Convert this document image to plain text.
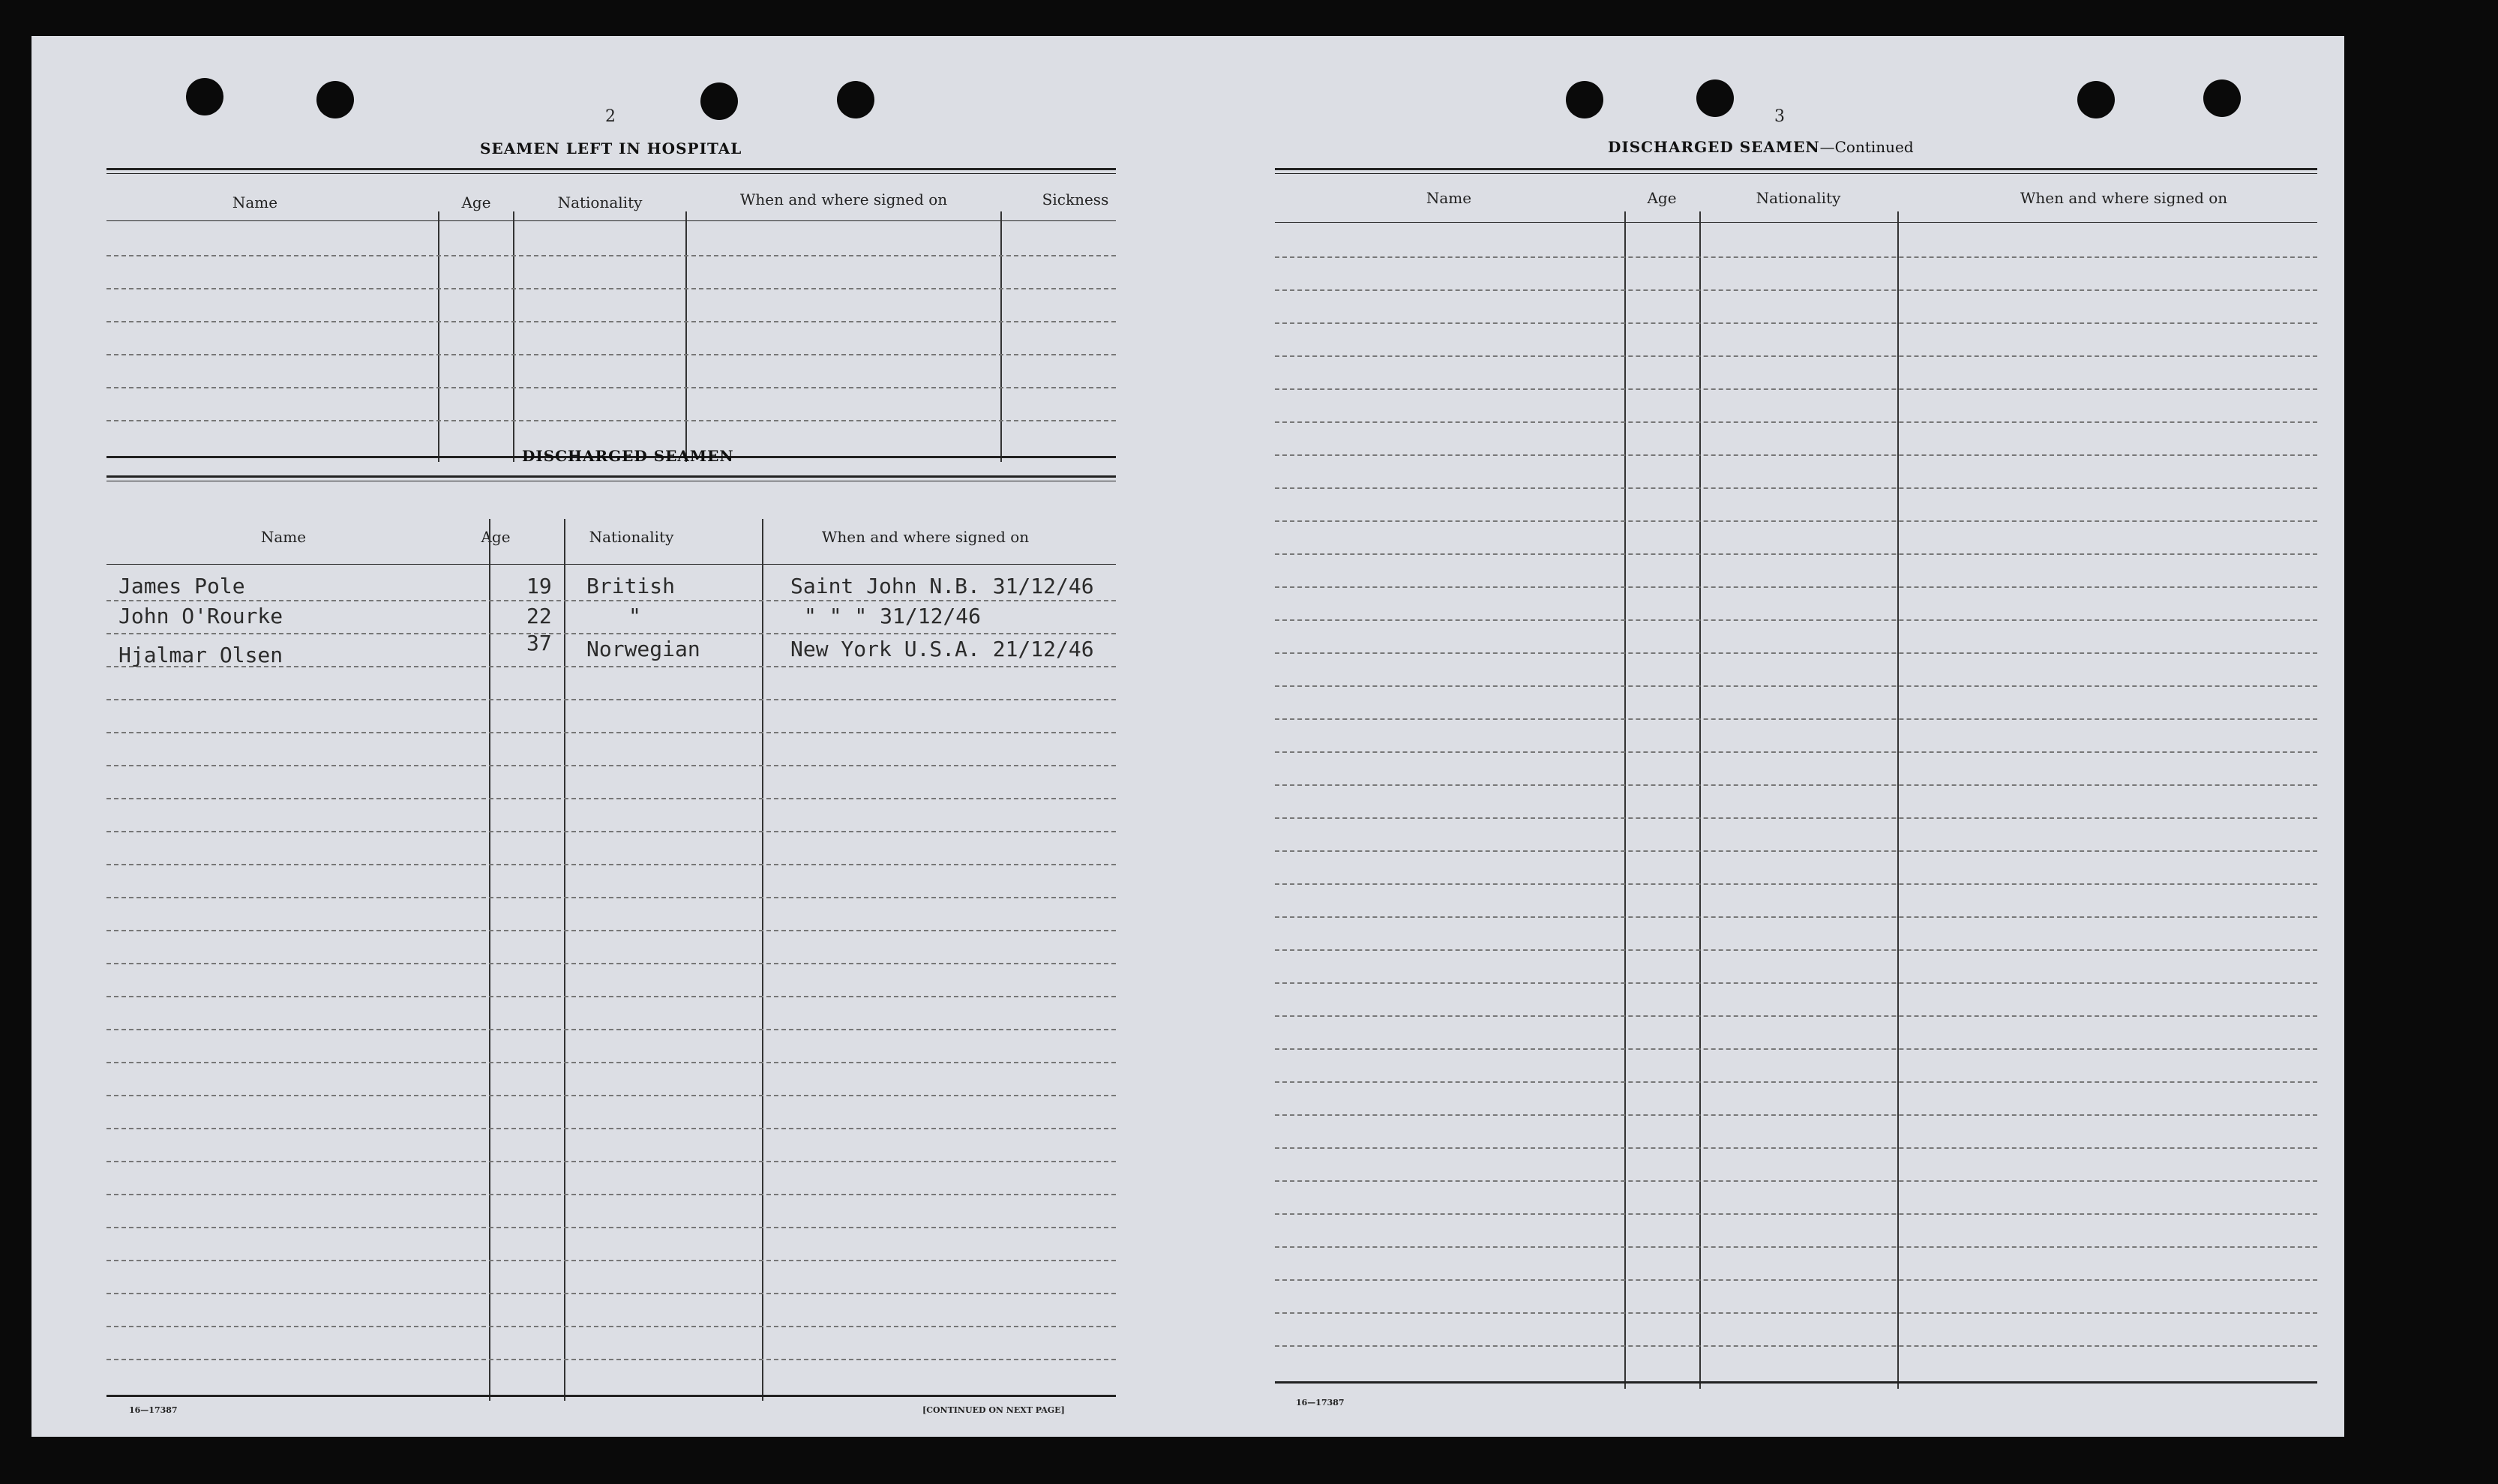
2
SEAMEN LEFT IN HOSPITAL
Name	Age	Nationality	When and where signed on	Sickness
DISCHARGED SEAMEN
Name	Age	Nationality	When and where signed on
James Pole	19 British	Saint John N.B. 31/12/46
John O'Rourke	22	"	" " " 31/12/46
Hjalmar Olsen	37 Norwegian	New York U.S.A. 21/12/46
16—17387	[CONTINUED ON NEXT PAGE]
3
DISCHARGED SEAMEN—Continued
Name	Age	Nationality	When and where signed on
16—17387
